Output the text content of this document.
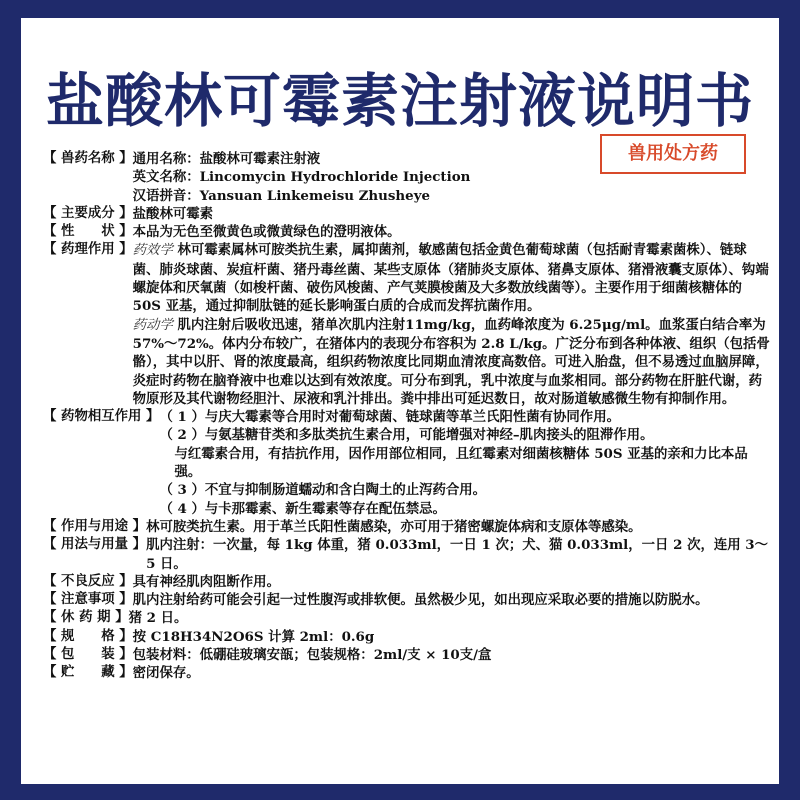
盐酸林可霉素注射液说明书
兽用处方药
【 兽药名称 】 通用名称： 盐酸林可霉素注射液
英文名称： Lincomycin Hydrochloride Injection
汉语拼音： Yansuan Linkemeisu Zhusheye
【 主要成分 】 盐酸林可霉素
【 性　　状 】 本品为无色至微黄色或微黄绿色的澄明液体。
【 药理作用 】 药效学 林可霉素属林可胺类抗生素，属抑菌剂，敏感菌包括金黄色葡萄球菌（包括耐青霉素菌株）、链球菌、肺炎球菌、炭疽杆菌、猪丹毒丝菌、某些支原体（猪肺炎支原体、猪鼻支原体、猪滑液囊支原体）、钩端螺旋体和厌氧菌（如梭杆菌、破伤风梭菌、产气荚膜梭菌及大多数放线菌等）。主要作用于细菌核糖体的 50S 亚基，通过抑制肽链的延长影响蛋白质的合成而发挥抗菌作用。
药动学 肌内注射后吸收迅速，猪单次肌内注射11mg/kg，血药峰浓度为 6.25μg/ml。血浆蛋白结合率为 57%～72%。体内分布较广，在猪体内的表现分布容积为 2.8 L/kg。广泛分布到各种体液、组织（包括骨骼），其中以肝、肾的浓度最高，组织药物浓度比同期血清浓度高数倍。可进入胎盘，但不易透过血脑屏障，炎症时药物在脑脊液中也难以达到有效浓度。可分布到乳，乳中浓度与血浆相同。部分药物在肝脏代谢，药物原形及其代谢物经胆汁、尿液和乳汁排出。粪中排出可延迟数日，故对肠道敏感微生物有抑制作用。
【 药物相互作用 】 （ 1 ）与庆大霉素等合用时对葡萄球菌、链球菌等革兰氏阳性菌有协同作用。
（ 2 ）与氨基糖苷类和多肽类抗生素合用，可能增强对神经–肌肉接头的阻滞作用。
与红霉素合用，有拮抗作用，因作用部位相同，且红霉素对细菌核糖体 50S 亚基的亲和力比本品强。
（ 3 ）不宜与抑制肠道蠕动和含白陶土的止泻药合用。
（ 4 ）与卡那霉素、新生霉素等存在配伍禁忌。
【 作用与用途 】 林可胺类抗生素。用于革兰氏阳性菌感染，亦可用于猪密螺旋体病和支原体等感染。
【 用法与用量 】 肌内注射：一次量，每 1kg 体重，猪 0.033ml，一日 1 次；犬、猫 0.033ml，一日 2 次，连用 3～5 日。
【 不良反应 】 具有神经肌肉阻断作用。
【 注意事项 】 肌内注射给药可能会引起一过性腹泻或排软便。虽然极少见，如出现应采取必要的措施以防脱水。
【 休 药 期 】 猪 2 日。
【 规　　格 】 按 C18H34N2O6S 计算 2ml：0.6g
【 包　　装 】 包装材料：低硼硅玻璃安瓿；包装规格：2ml/支 × 10支/盒
【 贮　　藏 】 密闭保存。
